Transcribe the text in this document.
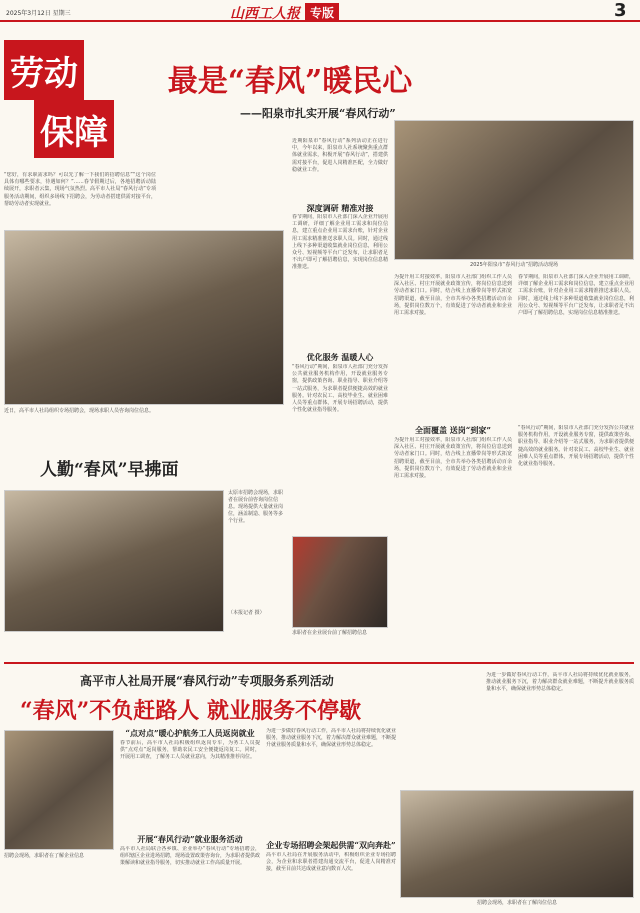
2025年3月12日 星期三	山西工人报 专版	3
劳动
保障
“您好，有求职需求吗？可以先了解一下我们的招聘信息”“这个岗位具体有哪些要求，待遇如何？”……春节假期过后，各地招聘活动陆续展开，求职者云集，现场气氛热烈。高平市人社局“春风行动”专项服务活动期间，组织多场线下招聘会，为劳动者搭建供需对接平台，帮助劳动者实现就业。
近日，高平市人社局组织专场招聘会，现场求职人员咨询岗位信息。
最是“春风”暖民心
——阳泉市扎实开展“春风行动”
近期阳泉市“春风行动”系列活动正在进行中，今年以来，阳泉市人社系统聚焦重点群体就业需求，积极开展“春风行动”，搭建供需对接平台，促进人岗精准匹配，全力做好稳就业工作。
深度调研 精准对接
春节期间，阳泉市人社部门深入企业开展用工调研，详细了解企业用工需求和岗位信息，建立重点企业用工需求台账，针对企业用工需求精准推送求职人员。同时，通过线上线下多种渠道收集就业岗位信息，利用公众号、短视频等平台广泛发布，让求职者足不出户即可了解招聘信息，实现岗位信息精准推送。
优化服务 温暖人心
“春风行动”期间，阳泉市人社部门充分发挥公共就业服务机构作用，开设就业服务专窗，提供政策咨询、职业指导、职业介绍等一站式服务，为求职者提供便捷高效的就业服务。针对农民工、高校毕业生、就业困难人员等重点群体，开展专场招聘活动，提供个性化就业指导服务。
2025年阳泉市“春风行动”招聘活动现场
为提升用工对接效率，阳泉市人社部门组织工作人员深入社区、村庄开展就业政策宣传，将岗位信息送到劳动者家门口。同时，结合线上直播带岗等形式拓宽招聘渠道，截至目前，全市共举办各类招聘活动百余场，提供岗位数万个，有效促进了劳动者就业和企业用工需求对接。
春节期间，阳泉市人社部门深入企业开展用工调研，详细了解企业用工需求和岗位信息，建立重点企业用工需求台账，针对企业用工需求精准推送求职人员。同时，通过线上线下多种渠道收集就业岗位信息，利用公众号、短视频等平台广泛发布，让求职者足不出户即可了解招聘信息，实现岗位信息精准推送。
全面覆盖 送岗“到家”
为提升用工对接效率，阳泉市人社部门组织工作人员深入社区、村庄开展就业政策宣传，将岗位信息送到劳动者家门口。同时，结合线上直播带岗等形式拓宽招聘渠道，截至目前，全市共举办各类招聘活动百余场，提供岗位数万个，有效促进了劳动者就业和企业用工需求对接。
“春风行动”期间，阳泉市人社部门充分发挥公共就业服务机构作用，开设就业服务专窗，提供政策咨询、职业指导、职业介绍等一站式服务，为求职者提供便捷高效的就业服务。针对农民工、高校毕业生、就业困难人员等重点群体，开展专场招聘活动，提供个性化就业指导服务。
求职者在企业展台前了解招聘信息
人勤“春风”早拂面
太原市招聘会现场，求职者在展台前咨询岗位信息。现场提供大量就业岗位，涵盖制造、服务等多个行业。
（本报记者 摄）
高平市人社局开展“春风行动”专项服务系列活动
“春风”不负赶路人 就业服务不停歇
招聘会现场，求职者在了解企业信息
“点对点”暖心护航务工人员返岗就业
春节前后，高平市人社局积极组织返岗专车，为务工人员提供“点对点”返岗服务，帮助农民工安全便捷返岗复工。同时，开展用工调查，了解务工人员就业意向，为其精准推荐岗位。
开展“春风行动”就业服务活动
高平市人社局联合各乡镇、企业举办“春风行动”专场招聘会，组织辖区企业进场招聘，现场设置政策咨询台，为求职者提供政策解读和就业指导服务，切实推动就业工作高质量开展。
为进一步做好春风行动工作，高平市人社局将持续优化就业服务，推动就业服务下沉，着力解决群众就业难题，不断提升就业服务质量和水平，确保就业形势总体稳定。
企业专场招聘会架起供需“双向奔赴”
高平市人社局在开展服务活动中，积极组织企业专场招聘会，为企业和求职者搭建沟通交流平台，促进人岗精准对接，截至目前共达成就业意向数百人次。
为进一步做好春风行动工作，高平市人社局将持续优化就业服务，推动就业服务下沉，着力解决群众就业难题，不断提升就业服务质量和水平，确保就业形势总体稳定。
招聘会现场，求职者在了解岗位信息
